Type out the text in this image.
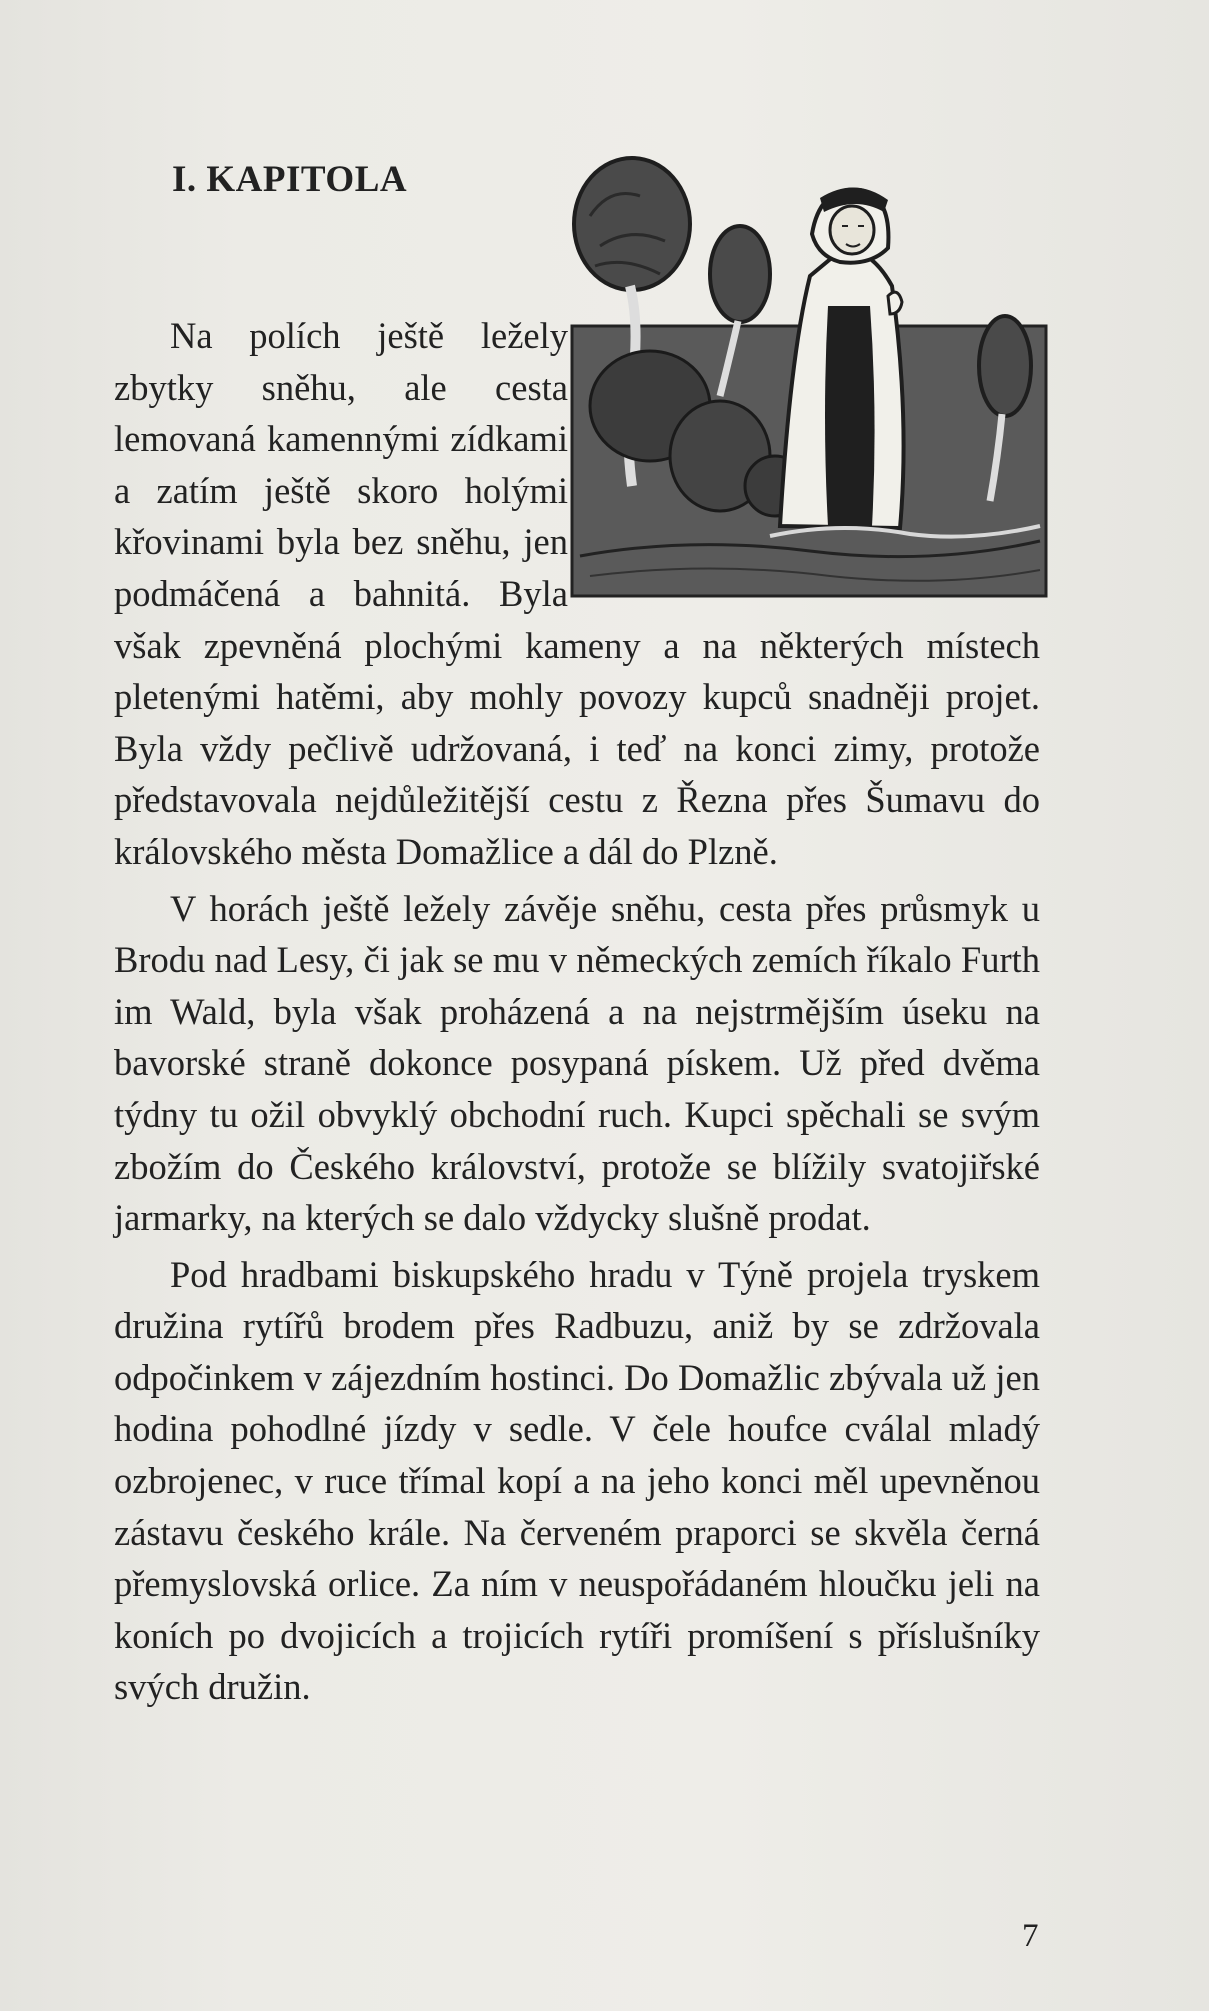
I. KAPITOLA

Na polích ještě ležely zbytky sněhu, ale cesta lemovaná kamennými zídkami a zatím ještě skoro holými křovinami byla bez sněhu, jen podmáčená a bahnitá. Byla však zpevněná plochými kameny a na některých místech pletenými hatěmi, aby mohly povozy kupců snadněji projet. Byla vždy pečlivě udržovaná, i teď na konci zimy, protože představovala nejdůležitější cestu z Řezna přes Šumavu do královského města Domažlice a dál do Plzně.

V horách ještě ležely závěje sněhu, cesta přes průsmyk u Brodu nad Lesy, či jak se mu v německých zemích říkalo Furth im Wald, byla však proházená a na nejstrmějším úseku na bavorské straně dokonce posypaná pískem. Už před dvěma týdny tu ožil obvyklý obchodní ruch. Kupci spěchali se svým zbožím do Českého království, protože se blížily svatojiřské jarmarky, na kterých se dalo vždycky slušně prodat.

Pod hradbami biskupského hradu v Týně projela tryskem družina rytířů brodem přes Radbuzu, aniž by se zdržovala odpočinkem v zájezdním hostinci. Do Domažlic zbývala už jen hodina pohodlné jízdy v sedle. V čele houfce cválal mladý ozbrojenec, v ruce třímal kopí a na jeho konci měl upevněnou zástavu českého krále. Na červeném praporci se skvěla černá přemyslovská orlice. Za ním v neuspořádaném hloučku jeli na koních po dvojicích a trojicích rytíři promíšení s příslušníky svých družin.

7
